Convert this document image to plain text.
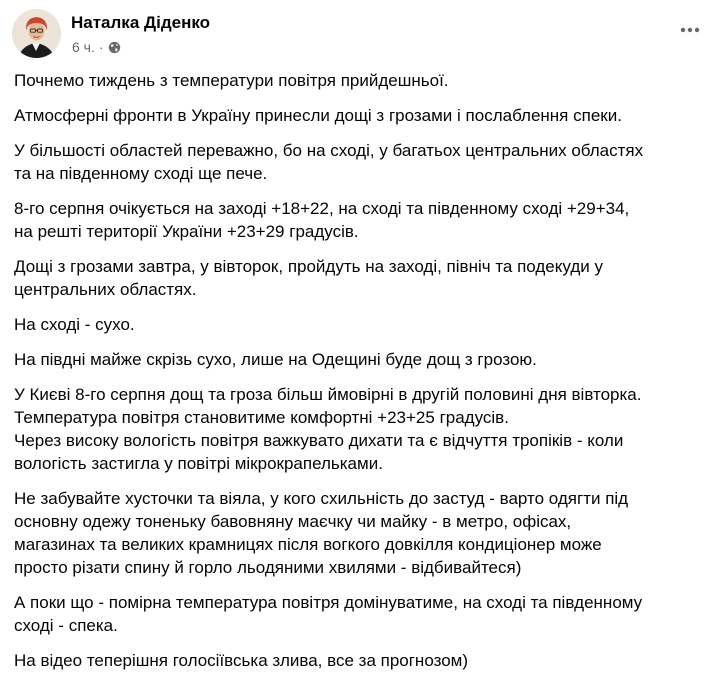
Наталка Діденко
6 ч. ·

Почнемо тиждень з температури повітря прийдешньої.

Атмосферні фронти в Україну принесли дощі з грозами і послаблення спеки.

У більшості областей переважно, бо на сході, у багатьох центральних областях
та на південному сході ще пече.

8-го серпня очікується на заході +18+22, на сході та південному сході +29+34,
на решті території України +23+29 градусів.

Дощі з грозами завтра, у вівторок, пройдуть на заході, північ та подекуди у
центральних областях.

На сході - сухо.

На півдні майже скрізь сухо, лише на Одещині буде дощ з грозою.

У Києві 8-го серпня дощ та гроза більш ймовірні в другій половині дня вівторка.
Температура повітря становитиме комфортні +23+25 градусів.
Через високу вологість повітря важкувато дихати та є відчуття тропіків - коли
вологість застигла у повітрі мікрокрапельками.

Не забувайте хусточки та віяла, у кого схильність до застуд - варто одягти під
основну одежу тоненьку бавовняну маєчку чи майку - в метро, офісах,
магазинах та великих крамницях після вогкого довкілля кондиціонер може
просто різати спину й горло льодяними хвилями - відбивайтеся)

А поки що - помірна температура повітря домінуватиме, на сході та південному
сході - спека.

На відео теперішня голосіївська злива, все за прогнозом)
